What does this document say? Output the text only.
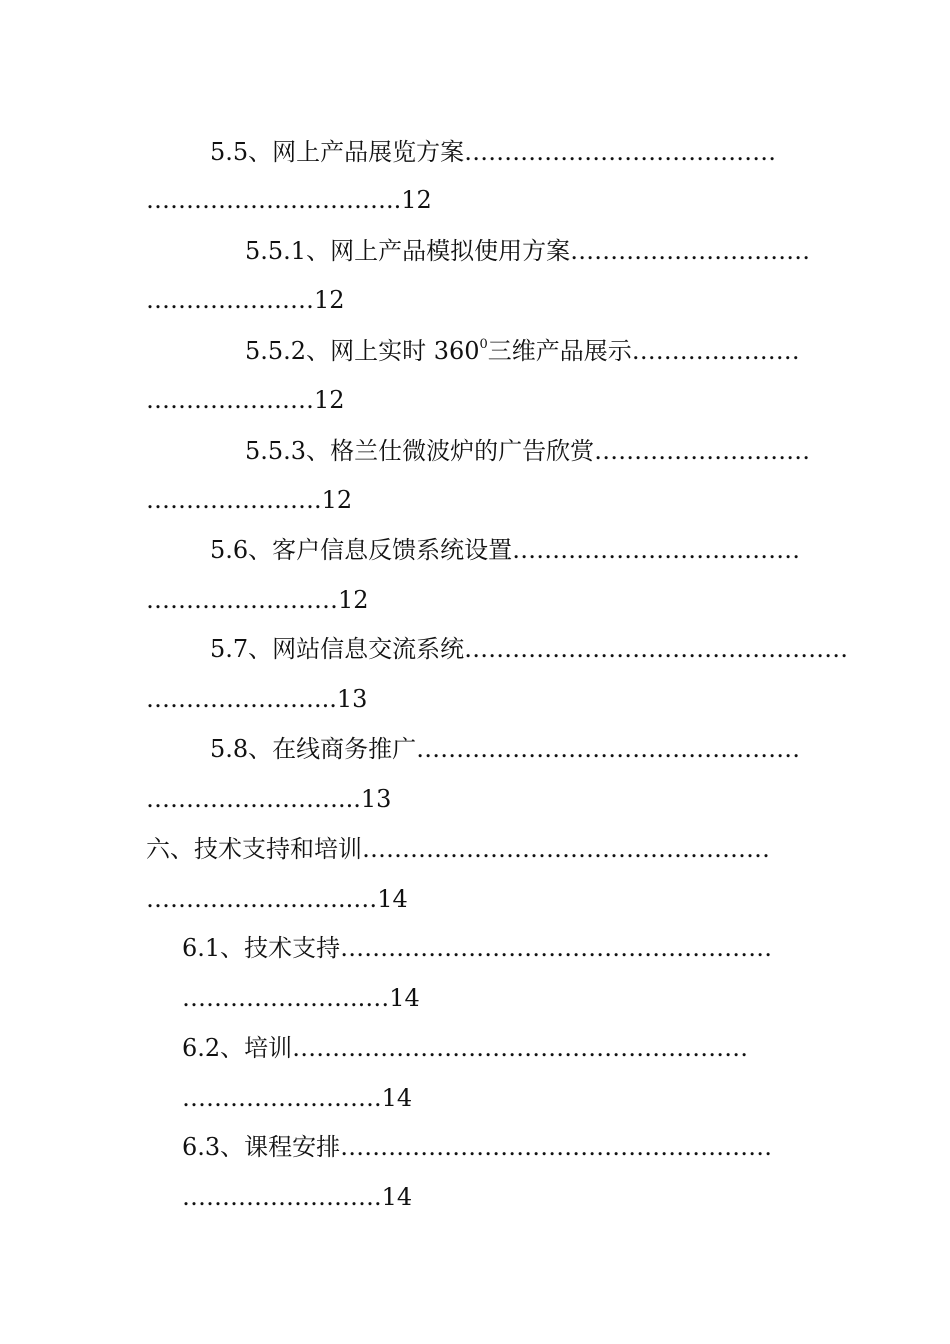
5.5、网上产品展览方案…………………………………
…………………………..12
5.5.1、网上产品模拟使用方案…………………………
…………………12
5.5.2、网上实时 $360^0$三维产品展示…………………
…………………12
5.5.3、格兰仕微波炉的广告欣赏………………………
………………….12
5.6、客户信息反馈系统设置………………………………
……………………12
5.7、网站信息交流系统…………………………………………
…………………...13
5.8、在线商务推广…………………………………………
……………………...13
六、技术支持和培训……………………………………………
……………………..…14
6.1、技术支持………………………………………………
…………………..…14
6.2、培训…………………………………………………
…………………….14
6.3、课程安排………………………………………………
…………………….14
